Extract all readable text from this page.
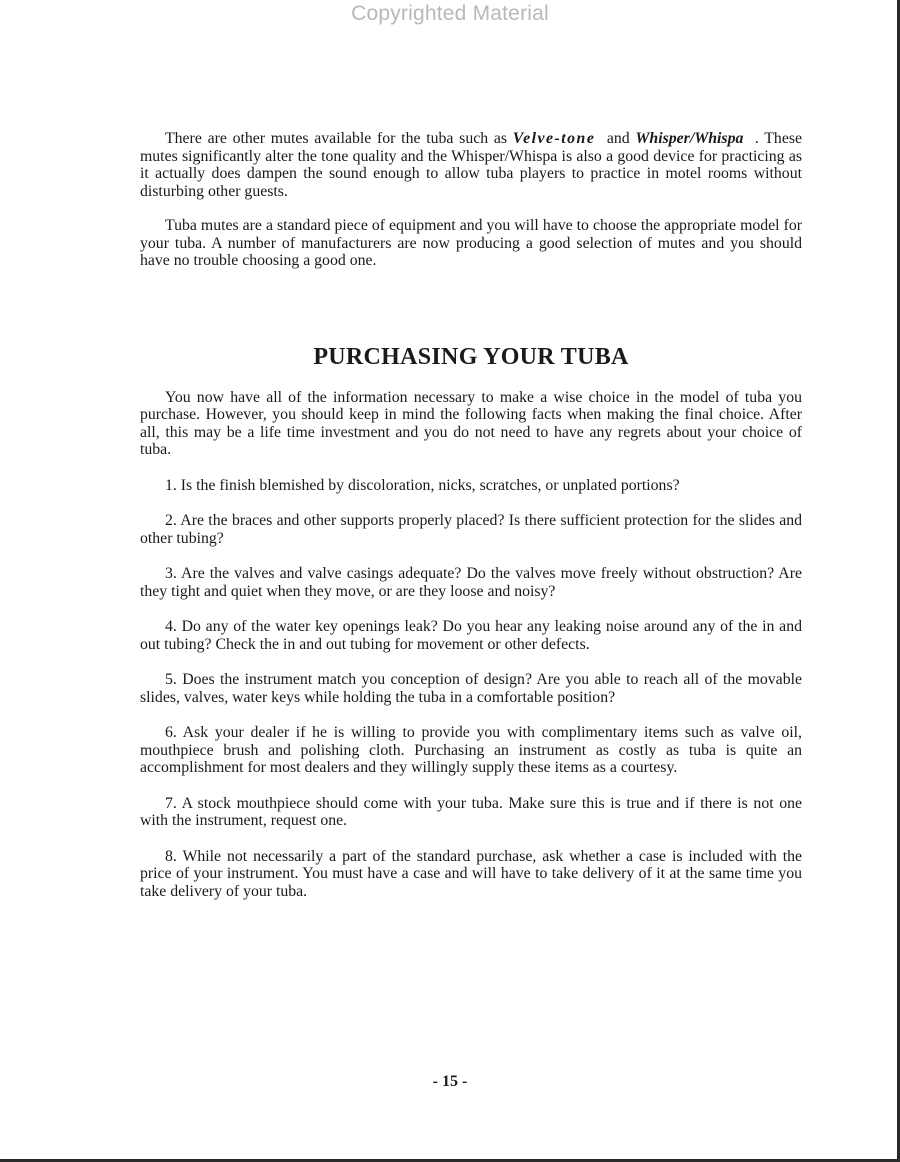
Copyrighted Material

There are other mutes available for the tuba such as Velve-tone and Whisper/Whispa . These mutes significantly alter the tone quality and the Whisper/Whispa is also a good device for practicing as it actually does dampen the sound enough to allow tuba players to practice in motel rooms without disturbing other guests.

Tuba mutes are a standard piece of equipment and you will have to choose the appropriate model for your tuba. A number of manufacturers are now producing a good selection of mutes and you should have no trouble choosing a good one.

PURCHASING YOUR TUBA

You now have all of the information necessary to make a wise choice in the model of tuba you purchase. However, you should keep in mind the following facts when making the final choice. After all, this may be a life time investment and you do not need to have any regrets about your choice of tuba.

1. Is the finish blemished by discoloration, nicks, scratches, or unplated portions?

2. Are the braces and other supports properly placed? Is there sufficient protection for the slides and other tubing?

3. Are the valves and valve casings adequate? Do the valves move freely without obstruction? Are they tight and quiet when they move, or are they loose and noisy?

4. Do any of the water key openings leak? Do you hear any leaking noise around any of the in and out tubing? Check the in and out tubing for movement or other defects.

5. Does the instrument match you conception of design? Are you able to reach all of the movable slides, valves, water keys while holding the tuba in a comfortable position?

6. Ask your dealer if he is willing to provide you with complimentary items such as valve oil, mouthpiece brush and polishing cloth. Purchasing an instrument as costly as tuba is quite an accomplishment for most dealers and they willingly supply these items as a courtesy.

7. A stock mouthpiece should come with your tuba. Make sure this is true and if there is not one with the instrument, request one.

8. While not necessarily a part of the standard purchase, ask whether a case is included with the price of your instrument. You must have a case and will have to take delivery of it at the same time you take delivery of your tuba.

- 15 -
